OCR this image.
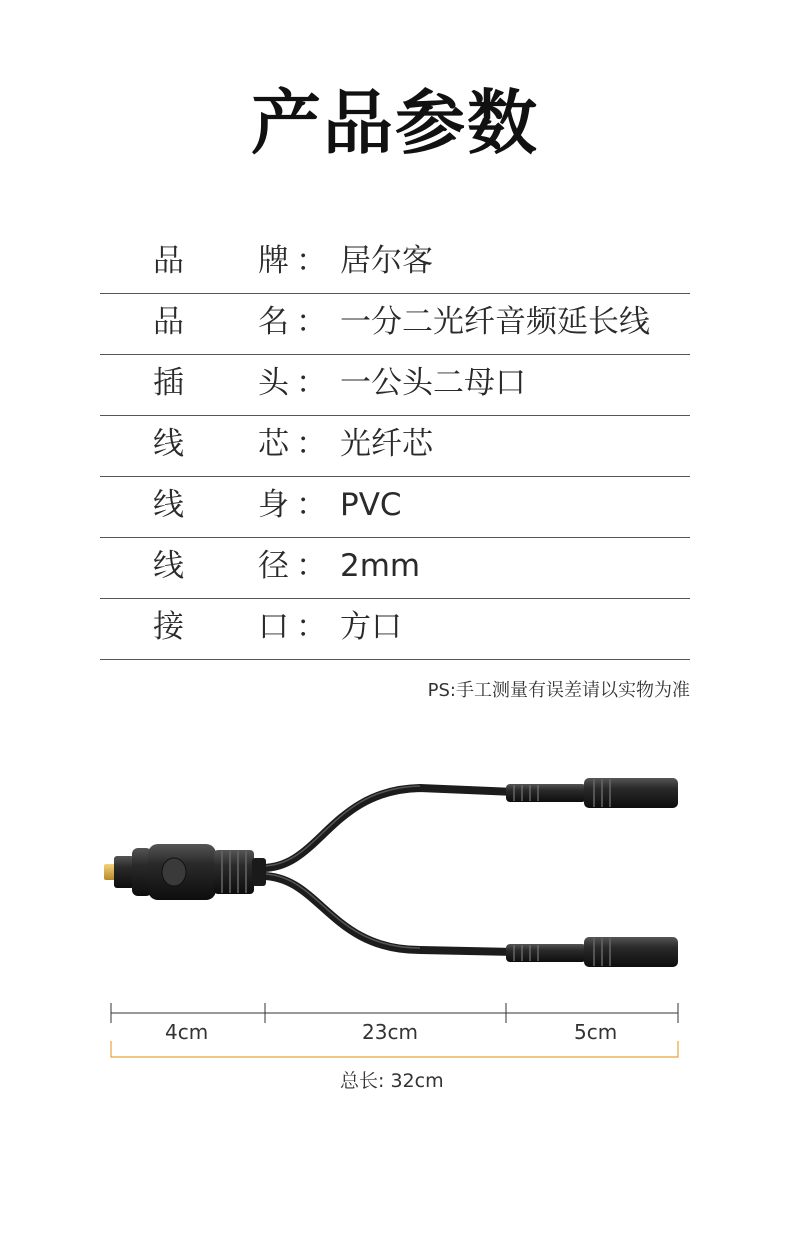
产品参数
品 牌 ： 居尔客
品 名 ： 一分二光纤音频延长线
插 头 ： 一公头二母口
线 芯 ： 光纤芯
线 身 ： PVC
线 径 ： 2mm
接 口 ： 方口
PS:手工测量有误差请以实物为准
4cm	23cm	5cm
总长: 32cm
